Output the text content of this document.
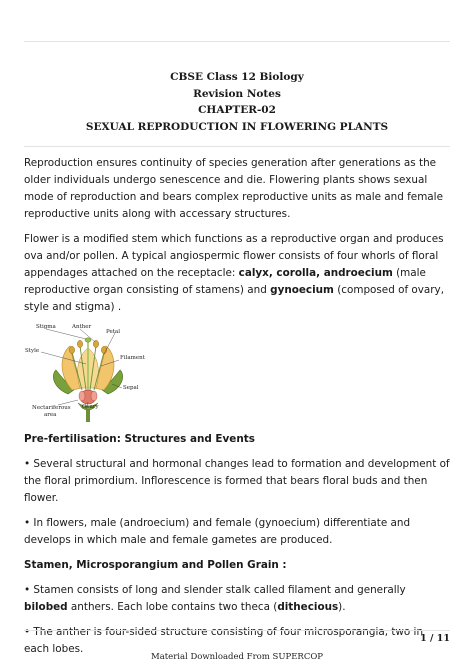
CBSE Class 12 Biology
Revision Notes
CHAPTER-02
SEXUAL REPRODUCTION IN FLOWERING PLANTS

Reproduction ensures continuity of species generation after generations as the older individuals undergo senescence and die. Flowering plants shows sexual mode of reproduction and bears complex reproductive units as male and female reproductive units along with accessary structures.

Flower is a modified stem which functions as a reproductive organ and produces ova and/or pollen. A typical angiospermic flower consists of four whorls of floral appendages attached on the receptacle: calyx, corolla, androecium (male reproductive organ consisting of stamens) and gynoecium (composed of ovary, style and stigma) .

Stigma	Anther
Petal
Style
Filament
Sepal
Ovary
Nectariferous
area

Pre-fertilisation: Structures and Events

• Several structural and hormonal changes lead to formation and development of the floral primordium. Inflorescence is formed that bears floral buds and then flower.

• In flowers, male (androecium) and female (gynoecium) differentiate and develops in which male and female gametes are produced.

Stamen, Microsporangium and Pollen Grain :

• Stamen consists of long and slender stalk called filament and generally bilobed anthers. Each lobe contains two theca (dithecious).

• The anther is four-sided structure consisting of four microsporangia, two in each lobes.

1 / 11
Material Downloaded From SUPERCOP
